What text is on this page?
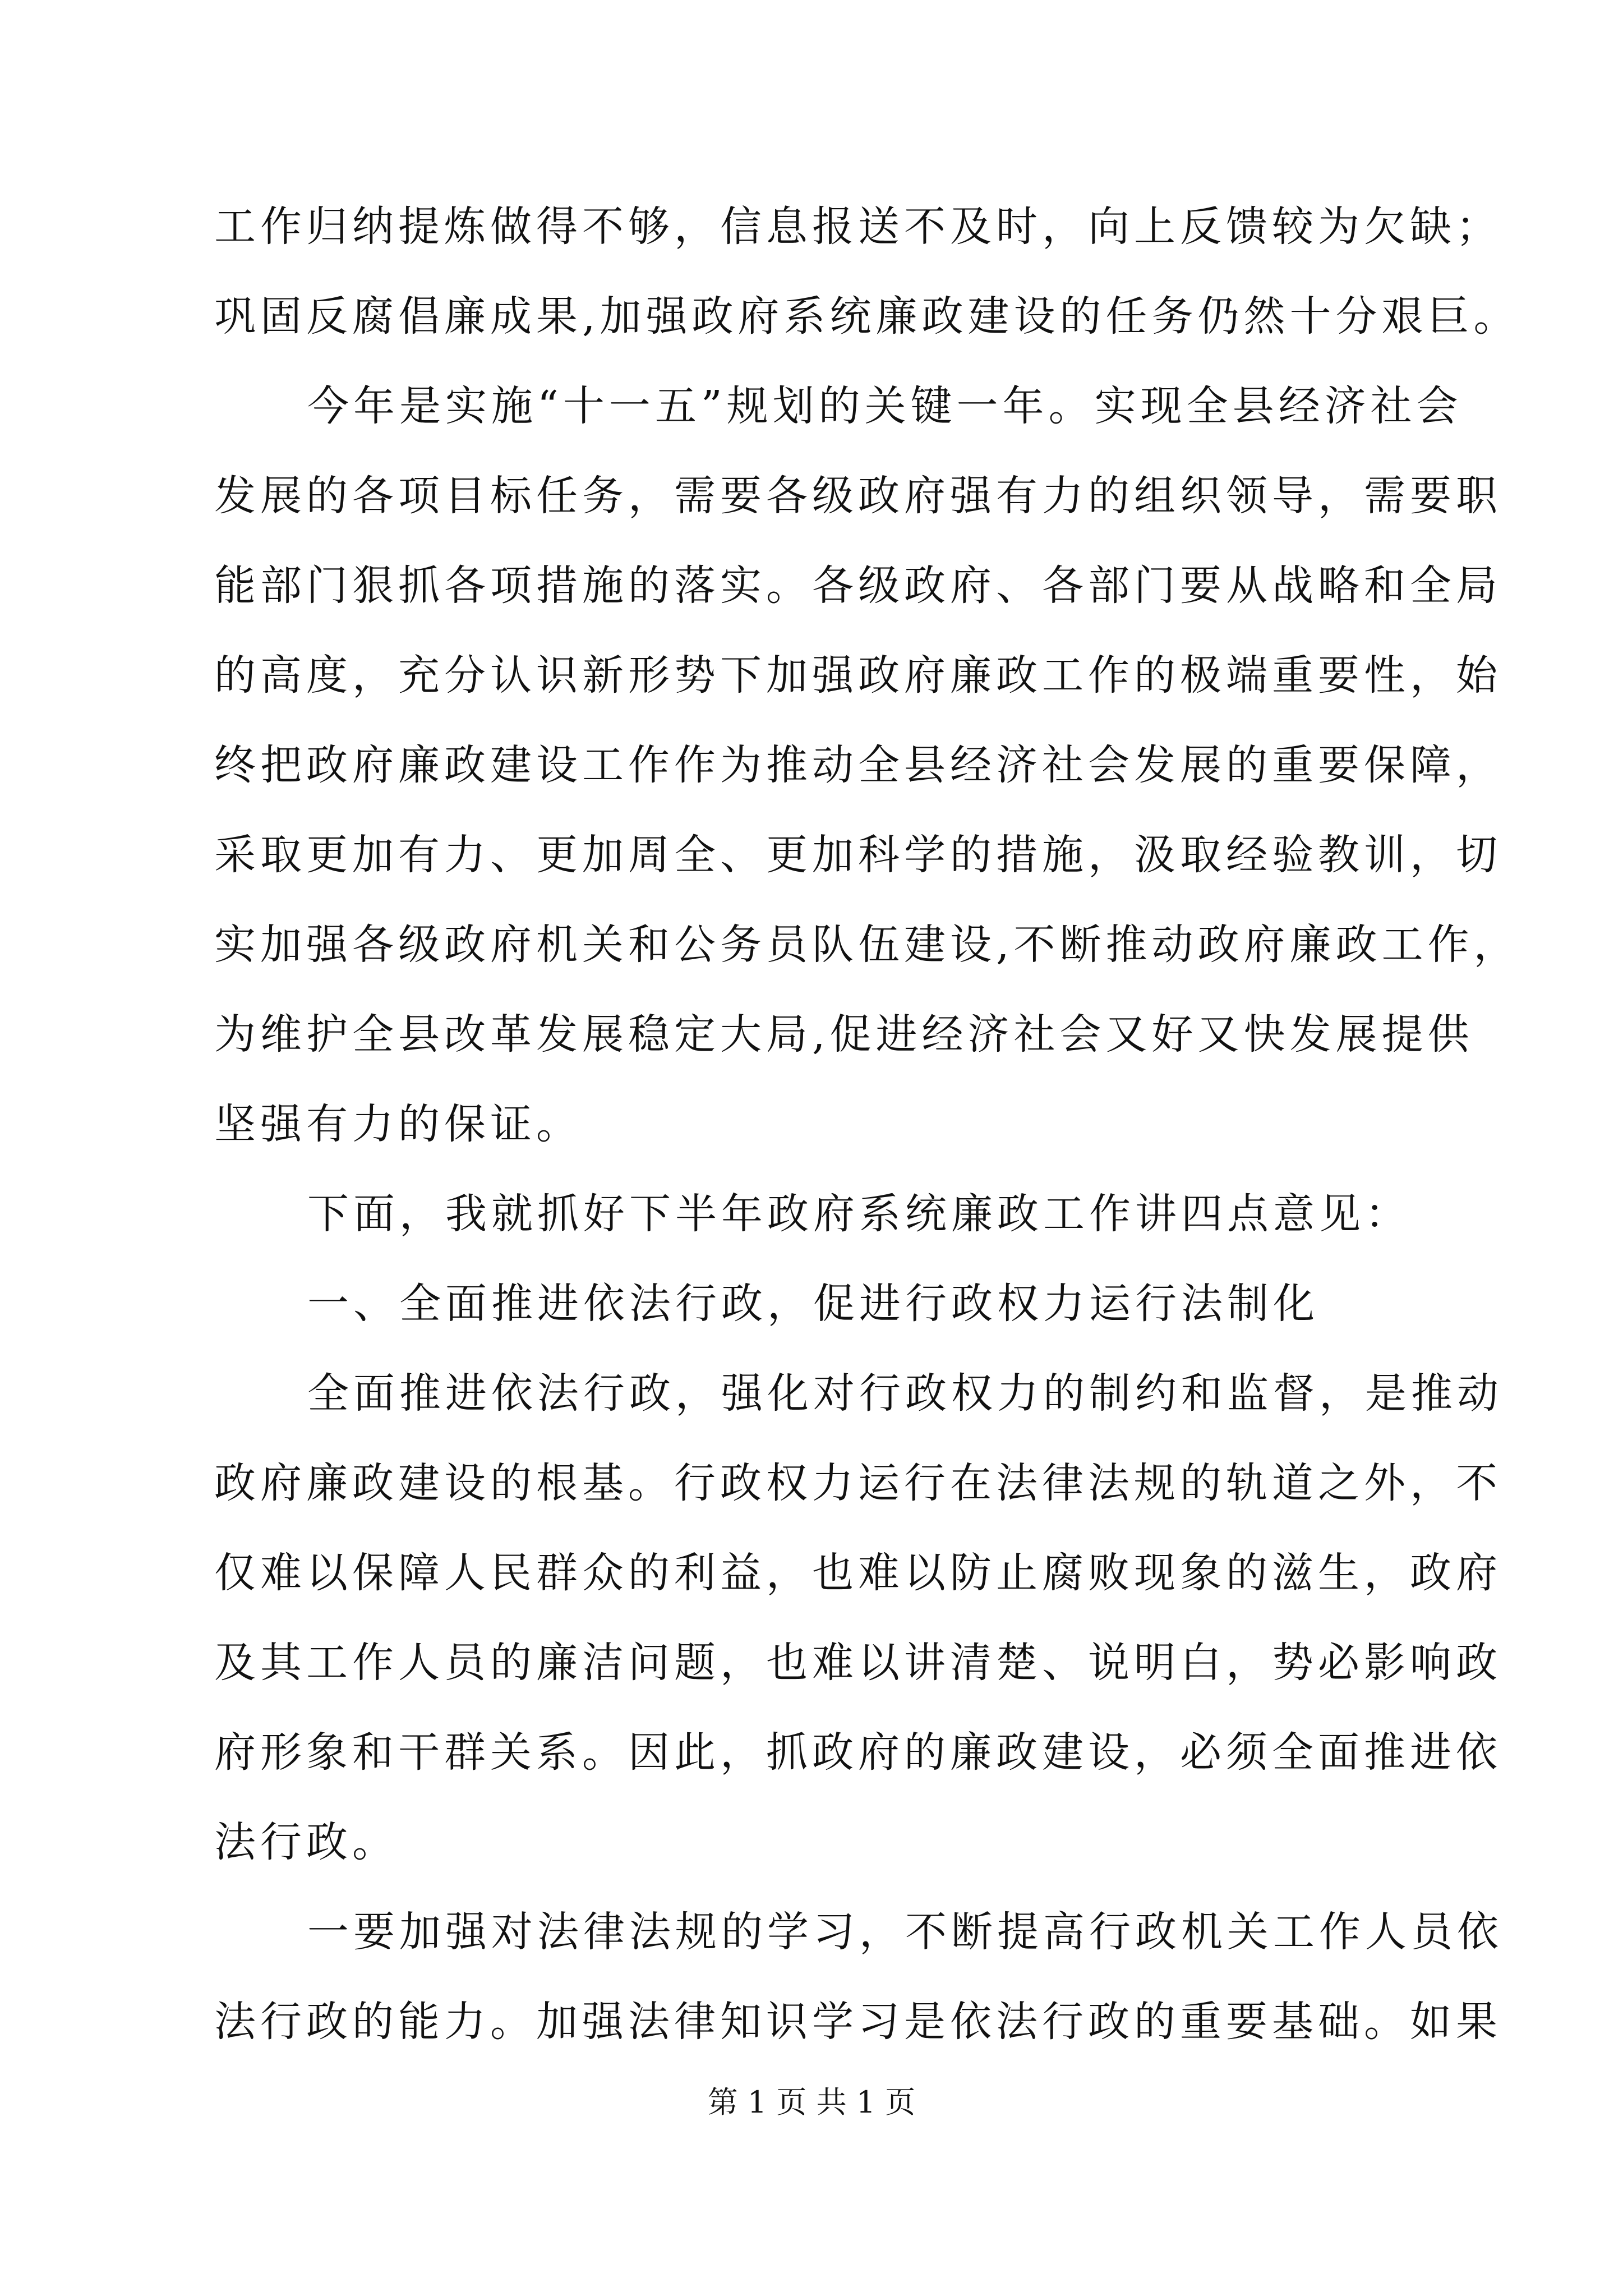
工作归纳提炼做得不够，信息报送不及时，向上反馈较为欠缺；
巩固反腐倡廉成果,加强政府系统廉政建设的任务仍然十分艰巨。
今年是实施“十一五”规划的关键一年。实现全县经济社会
发展的各项目标任务，需要各级政府强有力的组织领导，需要职
能部门狠抓各项措施的落实。各级政府、各部门要从战略和全局
的高度，充分认识新形势下加强政府廉政工作的极端重要性，始
终把政府廉政建设工作作为推动全县经济社会发展的重要保障，
采取更加有力、更加周全、更加科学的措施，汲取经验教训，切
实加强各级政府机关和公务员队伍建设,不断推动政府廉政工作，
为维护全县改革发展稳定大局,促进经济社会又好又快发展提供
坚强有力的保证。
下面，我就抓好下半年政府系统廉政工作讲四点意见：
一、全面推进依法行政，促进行政权力运行法制化
全面推进依法行政，强化对行政权力的制约和监督，是推动
政府廉政建设的根基。行政权力运行在法律法规的轨道之外，不
仅难以保障人民群众的利益，也难以防止腐败现象的滋生，政府
及其工作人员的廉洁问题，也难以讲清楚、说明白，势必影响政
府形象和干群关系。因此，抓政府的廉政建设，必须全面推进依
法行政。
一要加强对法律法规的学习，不断提高行政机关工作人员依
法行政的能力。加强法律知识学习是依法行政的重要基础。如果
第 1 页 共 1 页
